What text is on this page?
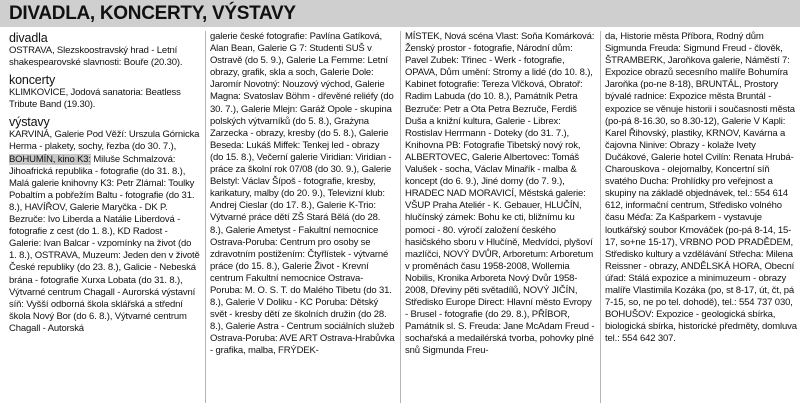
DIVADLA, KONCERTY, VÝSTAVY

divadla

OSTRAVA, Slezskoostravský hrad - Letní shakespearovské slavnosti: Bouře (20.30).

koncerty

KLIMKOVICE, Jodová sanatoria: Beatless Tribute Band (19.30).

výstavy

KARVINÁ, Galerie Pod Věží: Urszula Górnicka Herma - plakety, sochy, řezba (do 30. 7.), BOHUMÍN, kino K3: Miluše Schmalzová: Jihoafrická republika - fotografie (do 31. 8.), Malá galerie knihovny K3: Petr Zlámal: Toulky Pobaltím a pobřežím Baltu - fotografie (do 31. 8.), HAVÍŘOV, Galerie Maryčka - DK P. Bezruče: Ivo Liberda a Natálie Liberdová - fotografie z cest (do 1. 8.), KD Radost - Galerie: Ivan Balcar - vzpomínky na život (do 1. 8.), OSTRAVA, Muzeum: Jeden den v životě České republiky (do 23. 8.), Galicie - Nebeská brána - fotografie Xurxa Lobata (do 31. 8.), Výtvarné centrum Chagall - Aurorská výstavní síň: Vyšší odborná škola sklářská a střední škola Nový Bor (do 6. 8.), Výtvarné centrum Chagall - Autorská

galerie české fotografie: Pavlína Gatíková, Alan Bean, Galerie G 7: Studenti SUŠ v Ostravě (do 5. 9.), Galerie La Femme: Letní obrazy, grafik, skla a soch, Galerie Dole: Jaromír Novotný: Nouzový východ, Galerie Magna: Svatoslav Böhm - dřevěné reliéfy (do 30. 7.), Galerie Mlejn: Garáž Opole - skupina polských výtvarníků (do 5. 8.), Grażyna Zarzecka - obrazy, kresby (do 5. 8.), Galerie Beseda: Lukáš Miffek: Tenkej led - obrazy (do 15. 8.), Večerní galerie Viridian: Viridian - práce za školní rok 07/08 (do 30. 9.), Galerie Belstyl: Václav Šípoš - fotografie, kresby, karikatury, malby (do 20. 9.), Televizní klub: Andrej Cieslar (do 17. 8.), Galerie K-Trio: Výtvarné práce dětí ZŠ Stará Bělá (do 28. 8.), Galerie Ametyst - Fakultní nemocnice Ostrava-Poruba: Centrum pro osoby se zdravotním postižením: Čtyřlístek - výtvarné práce (do 15. 8.), Galerie Život - Krevní centrum Fakultní nemocnice Ostrava-Poruba: M. O. S. T. do Malého Tibetu (do 31. 8.), Galerie V Doliku - KC Poruba: Dětský svět - kresby dětí ze školních družin (do 28. 8.), Galerie Astra - Centrum sociálních služeb Ostrava-Poruba: AVE ART Ostrava-Hrabůvka - grafika, malba, FRÝDEK-

MÍSTEK, Nová scéna Vlast: Soňa Komárková: Ženský prostor - fotografie, Národní dům: Pavel Zubek: Třinec - Werk - fotografie, OPAVA, Dům umění: Stromy a lidé (do 10. 8.), Kabinet fotografie: Tereza Vlčková, Obratoř: Radim Labuda (do 10. 8.), Památník Petra Bezruče: Petr a Ota Petra Bezruče, Ferdiš Duša a knižní kultura, Galerie - Librex: Rostislav Herrmann - Doteky (do 31. 7.), Knihovna PB: Fotografie Tibetský nový rok, ALBERTOVEC, Galerie Albertovec: Tomáš Valušek - socha, Václav Minařík - malba & koncept (do 6. 9.), Jiné domy (do 7. 9.), HRADEC NAD MORAVICÍ, Městská galerie: VŠUP Praha Ateliér - K. Gebauer, HLUČÍN, hlučínský zámek: Bohu ke cti, bližnímu ku pomoci - 80. výročí založení českého hasičského sboru v Hlučíně, Medvídci, plyšoví mazlíčci, NOVÝ DVŮR, Arboretum: Arboretum v proměnách času 1958-2008, Wollemia Nobilis, Kronika Arboreta Nový Dvůr 1958-2008, Dřeviny pěti světadílů, NOVÝ JIČÍN, Středisko Europe Direct: Hlavní město Evropy - Brusel - fotografie (do 29. 8.), PŘÍBOR, Památník sl. S. Freuda: Jane McAdam Freud - sochařská a medailérská tvorba, pohovky plné snů Sigmunda Freu-

da, Historie města Příbora, Rodný dům Sigmunda Freuda: Sigmund Freud - člověk, ŠTRAMBERK, Jaroňkova galerie, Náměstí 7: Expozice obrazů secesního malíře Bohumíra Jaroňka (po-ne 8-18), BRUNTÁL, Prostory bývalé radnice: Expozice města Bruntál - expozice se věnuje historii i současnosti města (po-pá 8-16.30, so 8.30-12), Galerie V Kapli: Karel Řihovský, plastiky, KRNOV, Kavárna a čajovna Ninive: Obrazy - kolaže Ivety Dučákové, Galerie hotel Cvilín: Renata Hrubá-Charouskova - olejomalby, Koncertní síň svatého Ducha: Prohlídky pro veřejnost a skupiny na základě objednávek, tel.: 554 614 612, informační centrum, Středisko volného času Méďa: Za Kašparkem - vystavuje loutkářský soubor Krnováček (po-pá 8-14, 15-17, so+ne 15-17), VRBNO POD PRADĚDEM, Středisko kultury a vzdělávání Střecha: Milena Reissner - obrazy, ANDĚLSKÁ HORA, Obecní úřad: Stálá expozice a minimuzeum - obrazy malíře Vlastimila Kozáka (po, st 8-17, út, čt, pá 7-15, so, ne po tel. dohodě), tel.: 554 737 030, BOHUŠOV: Expozice - geologická sbírka, biologická sbírka, historické předměty, domluva tel.: 554 642 307.
